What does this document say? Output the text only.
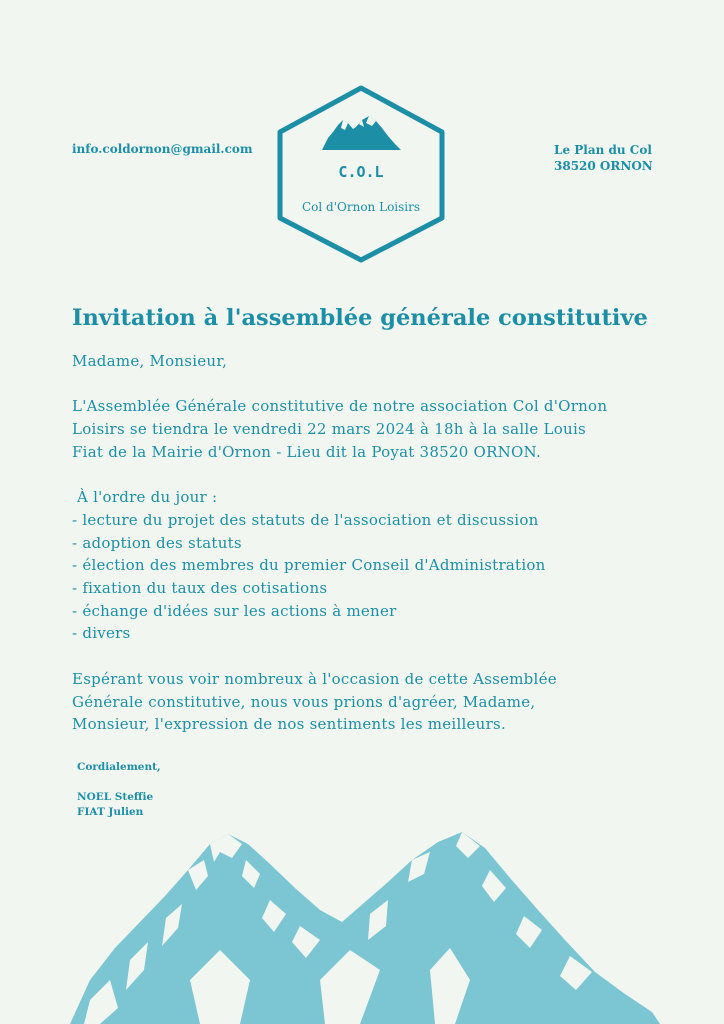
info.coldornon@gmail.com	Le Plan du Col
38520 ORNON
C.O.L
Col d'Ornon Loisirs
Invitation à l'assemblée générale constitutive

Madame, Monsieur,

L'Assemblée Générale constitutive de notre association Col d'Ornon

Loisirs se tiendra le vendredi 22 mars 2024 à 18h à la salle Louis

Fiat de la Mairie d'Ornon - Lieu dit la Poyat 38520 ORNON.

À l'ordre du jour :

- lecture du projet des statuts de l'association et discussion

- adoption des statuts

- élection des membres du premier Conseil d'Administration

- fixation du taux des cotisations

- échange d'idées sur les actions à mener

- divers

Espérant vous voir nombreux à l'occasion de cette Assemblée

Générale constitutive, nous vous prions d'agréer, Madame,

Monsieur, l'expression de nos sentiments les meilleurs.

Cordialement,

NOEL Steffie

FIAT Julien
